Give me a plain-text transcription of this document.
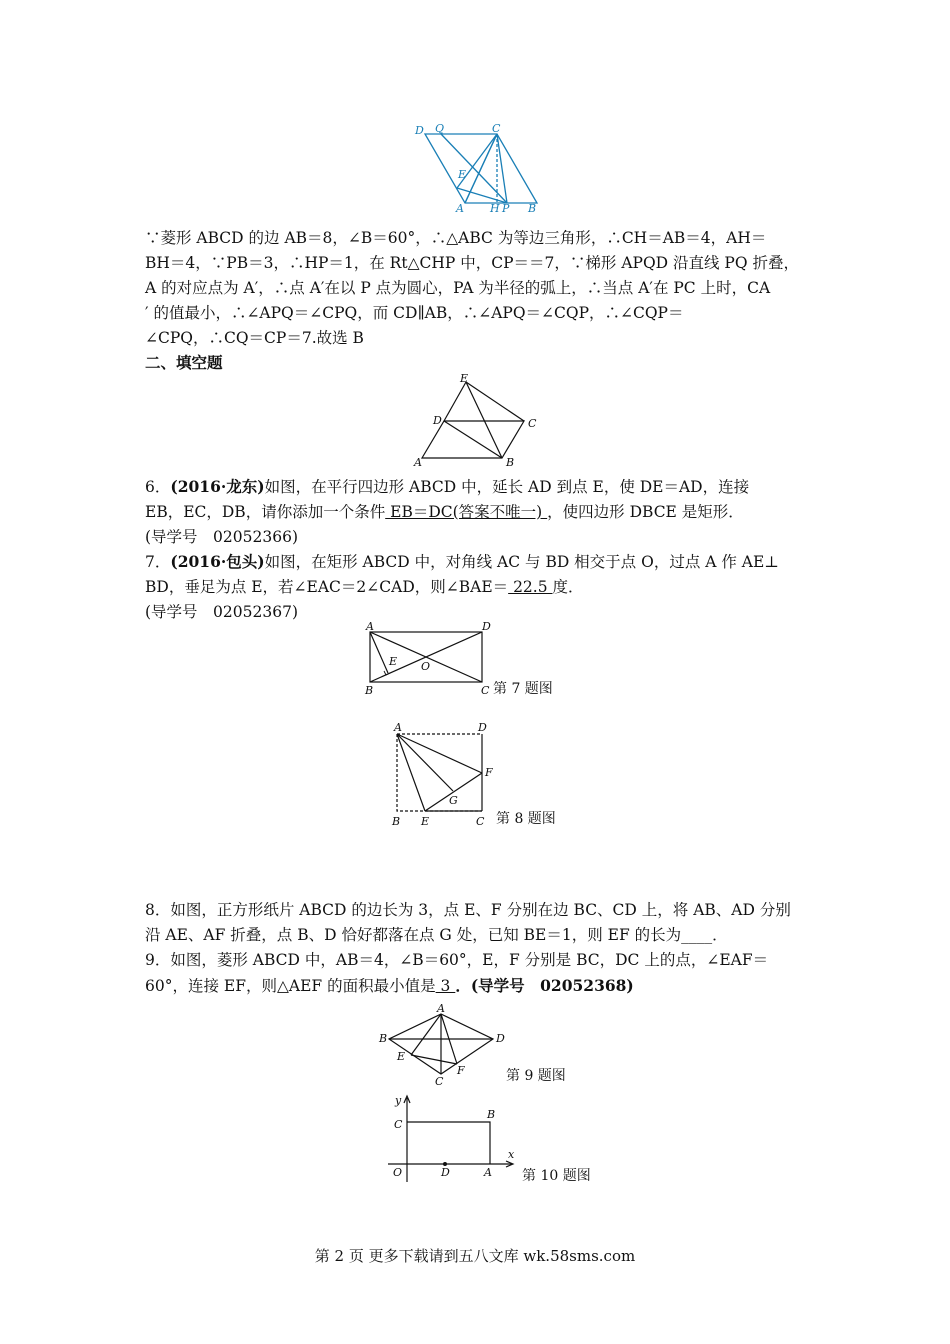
D Q	C
E
A H P B
∵菱形 ABCD 的边 AB＝8，∠B＝60°，∴△ABC 为等边三角形，∴CH＝AB＝4，AH＝
BH＝4，∵PB＝3，∴HP＝1，在 Rt△CHP 中，CP＝＝7，∵梯形 APQD 沿直线 PQ 折叠，
A 的对应点为 A′，∴点 A′在以 P 点为圆心，PA 为半径的弧上，∴当点 A′在 PC 上时，CA
′ 的值最小，∴∠APQ＝∠CPQ，而 CD∥AB，∴∠APQ＝∠CQP，∴∠CQP＝
∠CPQ，∴CQ＝CP＝7.故选 B
二、填空题
E
D	C
A	B
6．(2016·龙东)如图，在平行四边形 ABCD 中，延长 AD 到点 E，使 DE＝AD，连接
EB，EC，DB，请你添加一个条件 EB＝DC(答案不唯一) ，使四边形 DBCE 是矩形．
(导学号　02052366)
7．(2016·包头)如图，在矩形 ABCD 中，对角线 AC 与 BD 相交于点 O，过点 A 作 AE⊥
BD，垂足为点 E，若∠EAC＝2∠CAD，则∠BAE＝ 22.5 度．
(导学号　02052367)
A	D
E O
B	C 第 7 题图
A	D
F
G
B E	C 第 8 题图
8．如图，正方形纸片 ABCD 的边长为 3，点 E、F 分别在边 BC、CD 上，将 AB、AD 分别
沿 AE、AF 折叠，点 B、D 恰好都落在点 G 处，已知 BE＝1，则 EF 的长为____．
9．如图，菱形 ABCD 中，AB＝4，∠B＝60°，E，F 分别是 BC，DC 上的点，∠EAF＝
60°，连接 EF，则△AEF 的面积最小值是 3 ．(导学号　02052368)
A
B	D
E
C
F	第 9 题图
y
x
C
B
O	D	A 第 10 题图
第 2 页 更多下载请到五八文库 wk.58sms.com
